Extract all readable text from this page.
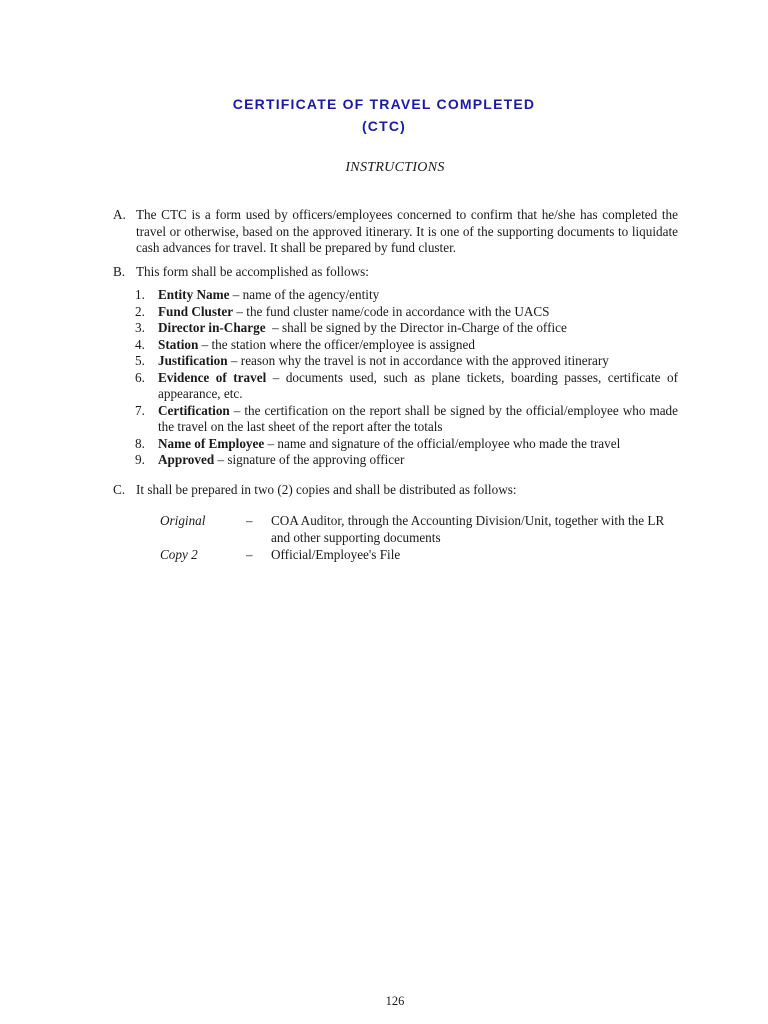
CERTIFICATE OF TRAVEL COMPLETED
(CTC)
INSTRUCTIONS
A. The CTC is a form used by officers/employees concerned to confirm that he/she has completed the travel or otherwise, based on the approved itinerary. It is one of the supporting documents to liquidate cash advances for travel. It shall be prepared by fund cluster.
B. This form shall be accomplished as follows:
1. Entity Name – name of the agency/entity
2. Fund Cluster – the fund cluster name/code in accordance with the UACS
3. Director in-Charge  – shall be signed by the Director in-Charge of the office
4. Station – the station where the officer/employee is assigned
5. Justification – reason why the travel is not in accordance with the approved itinerary
6. Evidence of travel – documents used, such as plane tickets, boarding passes, certificate of appearance, etc.
7. Certification – the certification on the report shall be signed by the official/employee who made the travel on the last sheet of the report after the totals
8. Name of Employee – name and signature of the official/employee who made the travel
9. Approved – signature of the approving officer
C. It shall be prepared in two (2) copies and shall be distributed as follows:
Original	– COA Auditor, through the Accounting Division/Unit, together with the LR and other supporting documents
Copy 2	– Official/Employee's File
126
